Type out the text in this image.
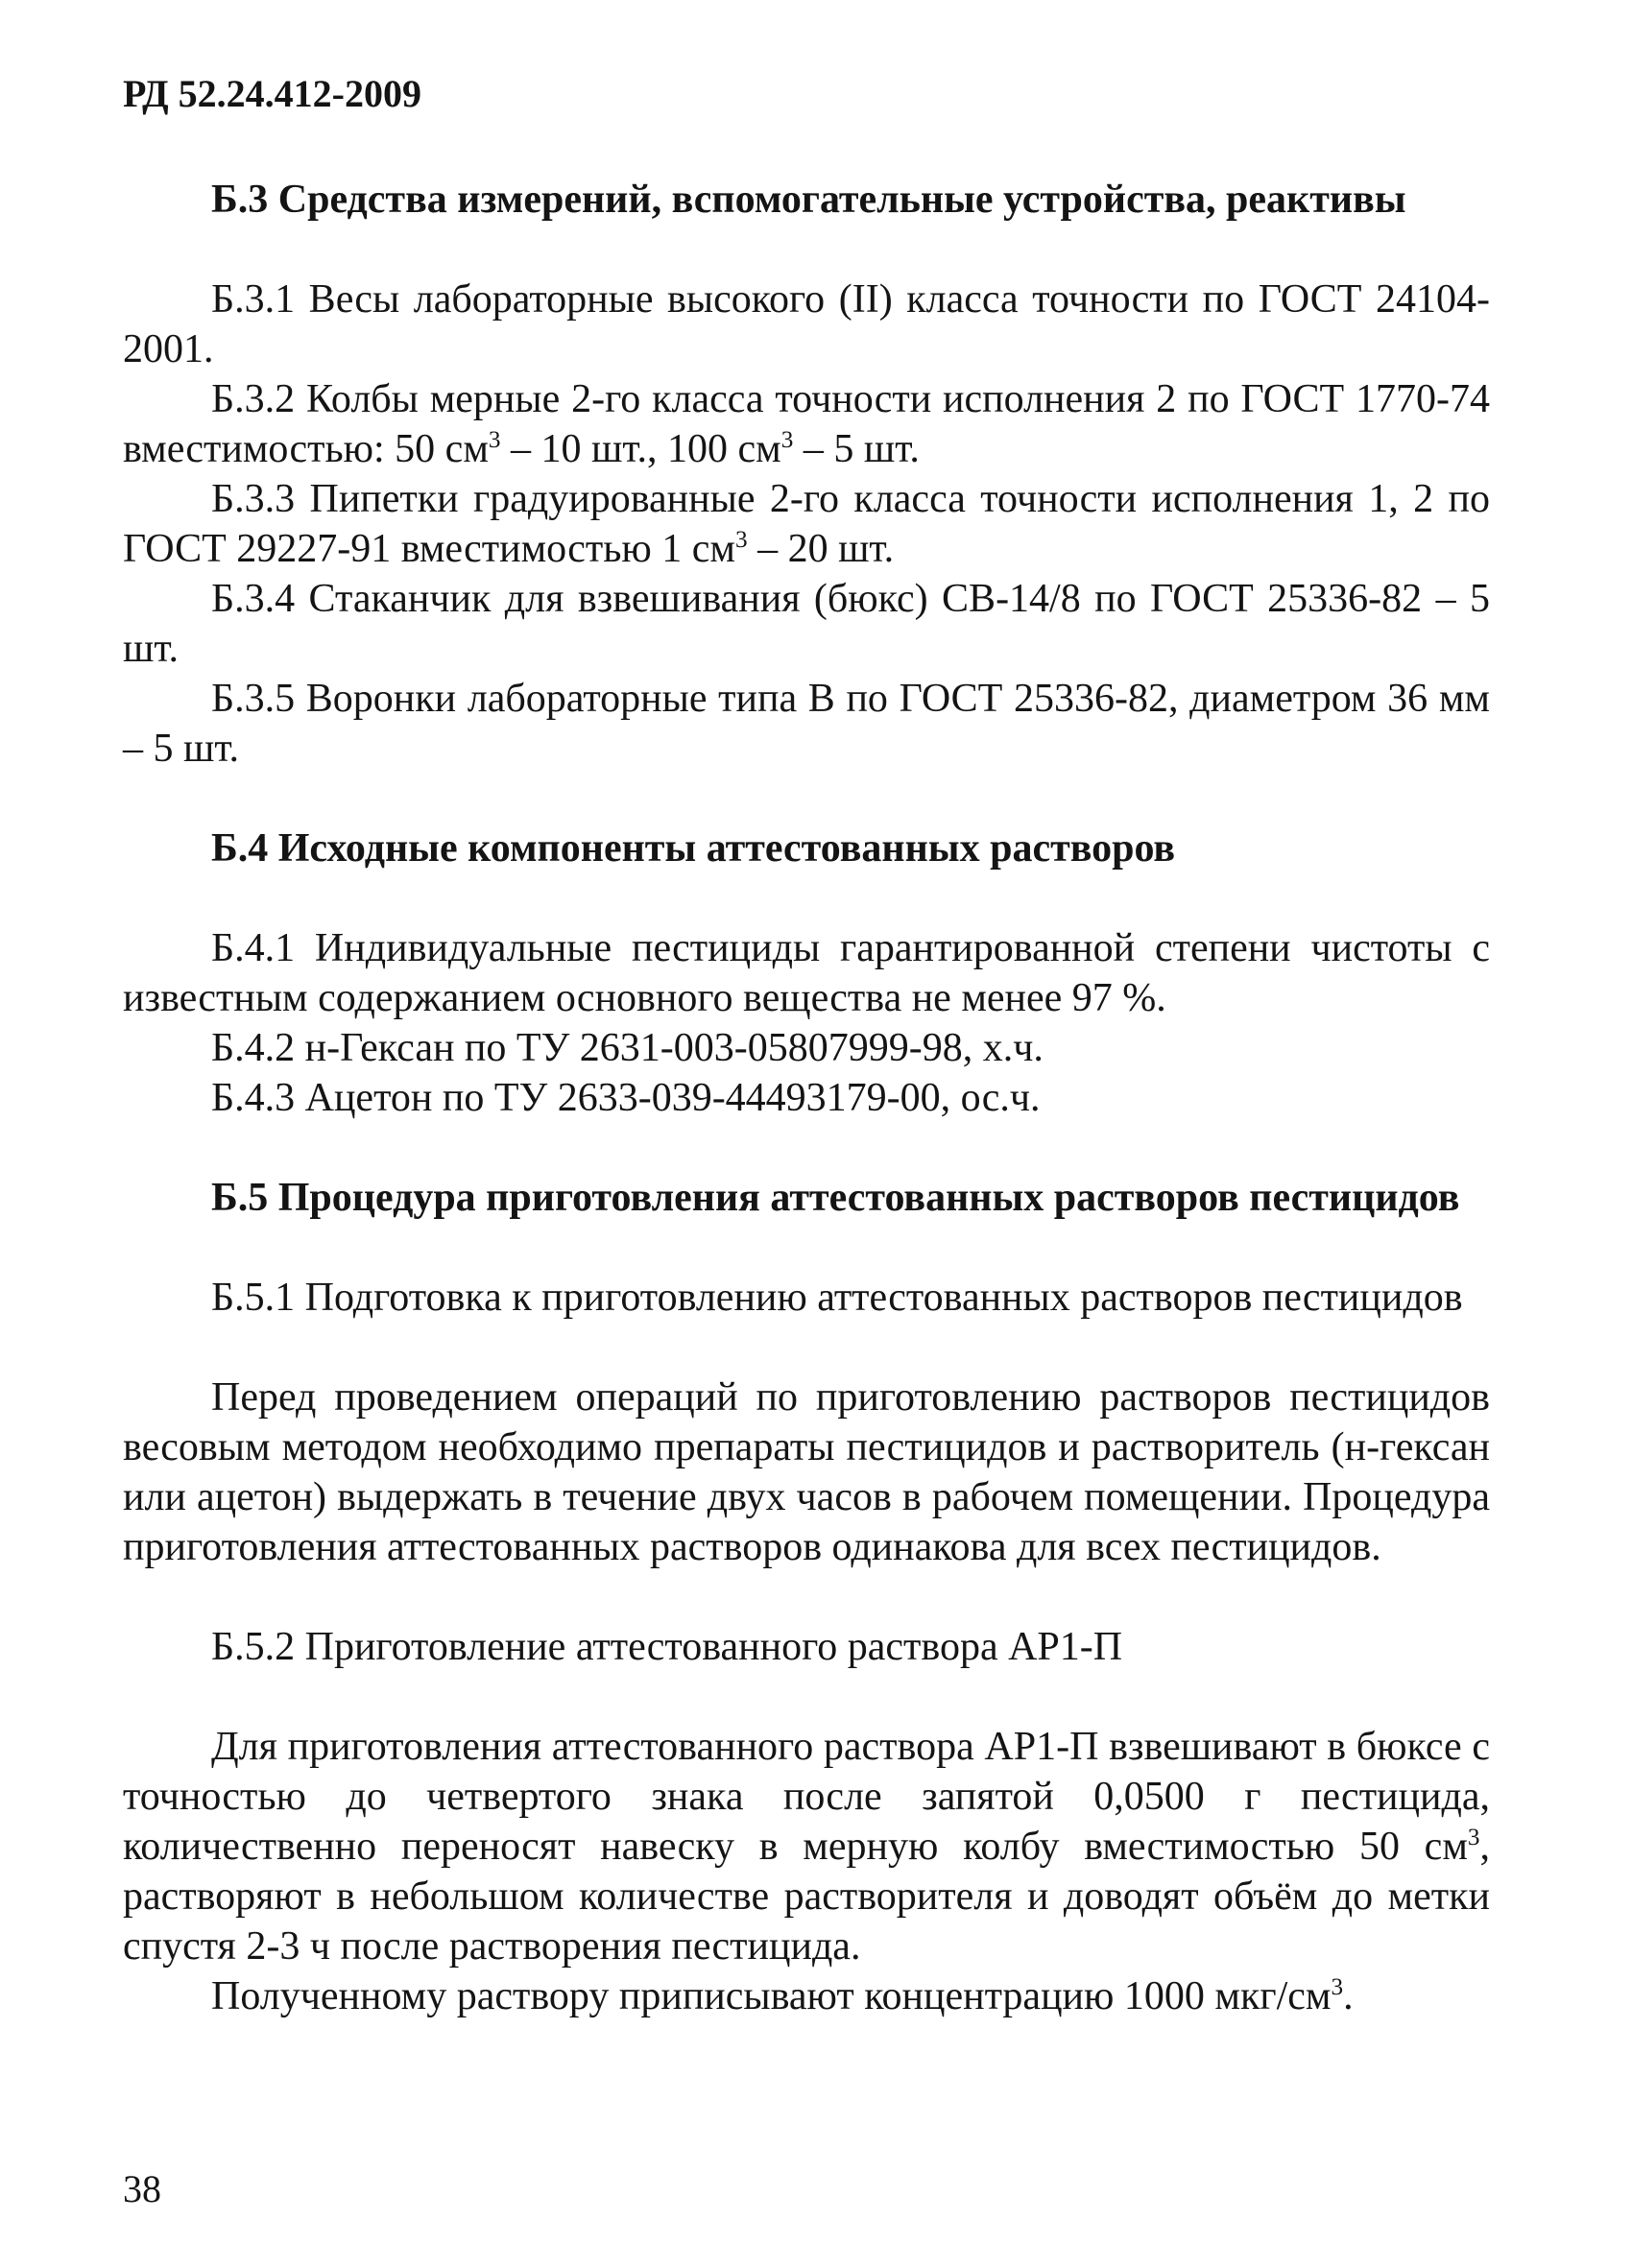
РД 52.24.412-2009
Б.3 Средства измерений, вспомогательные устройства, реактивы

Б.3.1 Весы лабораторные высокого (II) класса точности по ГОСТ 24104-2001.

Б.3.2 Колбы мерные 2-го класса точности исполнения 2 по ГОСТ 1770-74 вместимостью: 50 $см^3 - 10$ шт., 100 $см^3 - 5$ шт.

Б.3.3 Пипетки градуированные 2-го класса точности исполнения 1, 2 по ГОСТ 29227-91 вместимостью 1 $см^3 - 20$ шт.

Б.3.4 Стаканчик для взвешивания (бюкс) СВ-14/8 по ГОСТ 25336-82 – 5 шт.

Б.3.5 Воронки лабораторные типа В по ГОСТ 25336-82, диаметром 36 мм – 5 шт.

Б.4 Исходные компоненты аттестованных растворов

Б.4.1 Индивидуальные пестициды гарантированной степени чистоты с известным содержанием основного вещества не менее 97 %.

Б.4.2 н-Гексан по ТУ 2631-003-05807999-98, х.ч.

Б.4.3 Ацетон по ТУ 2633-039-44493179-00, ос.ч.

Б.5 Процедура приготовления аттестованных растворов пестицидов

Б.5.1 Подготовка к приготовлению аттестованных растворов пестицидов

Перед проведением операций по приготовлению растворов пестицидов весовым методом необходимо препараты пестицидов и растворитель (н-гексан или ацетон) выдержать в течение двух часов в рабочем помещении. Процедура приготовления аттестованных растворов одинакова для всех пестицидов.

Б.5.2 Приготовление аттестованного раствора АР1-П

Для приготовления аттестованного раствора АР1-П взвешивают в бюксе с точностью до четвертого знака после запятой 0,0500 г пестицида, количественно переносят навеску в мерную колбу вместимостью 50 $см^3$, растворяют в небольшом количестве растворителя и доводят объём до метки спустя 2-3 ч после растворения пестицида.

Полученному раствору приписывают концентрацию 1000 мкг/$см^3$.

38
